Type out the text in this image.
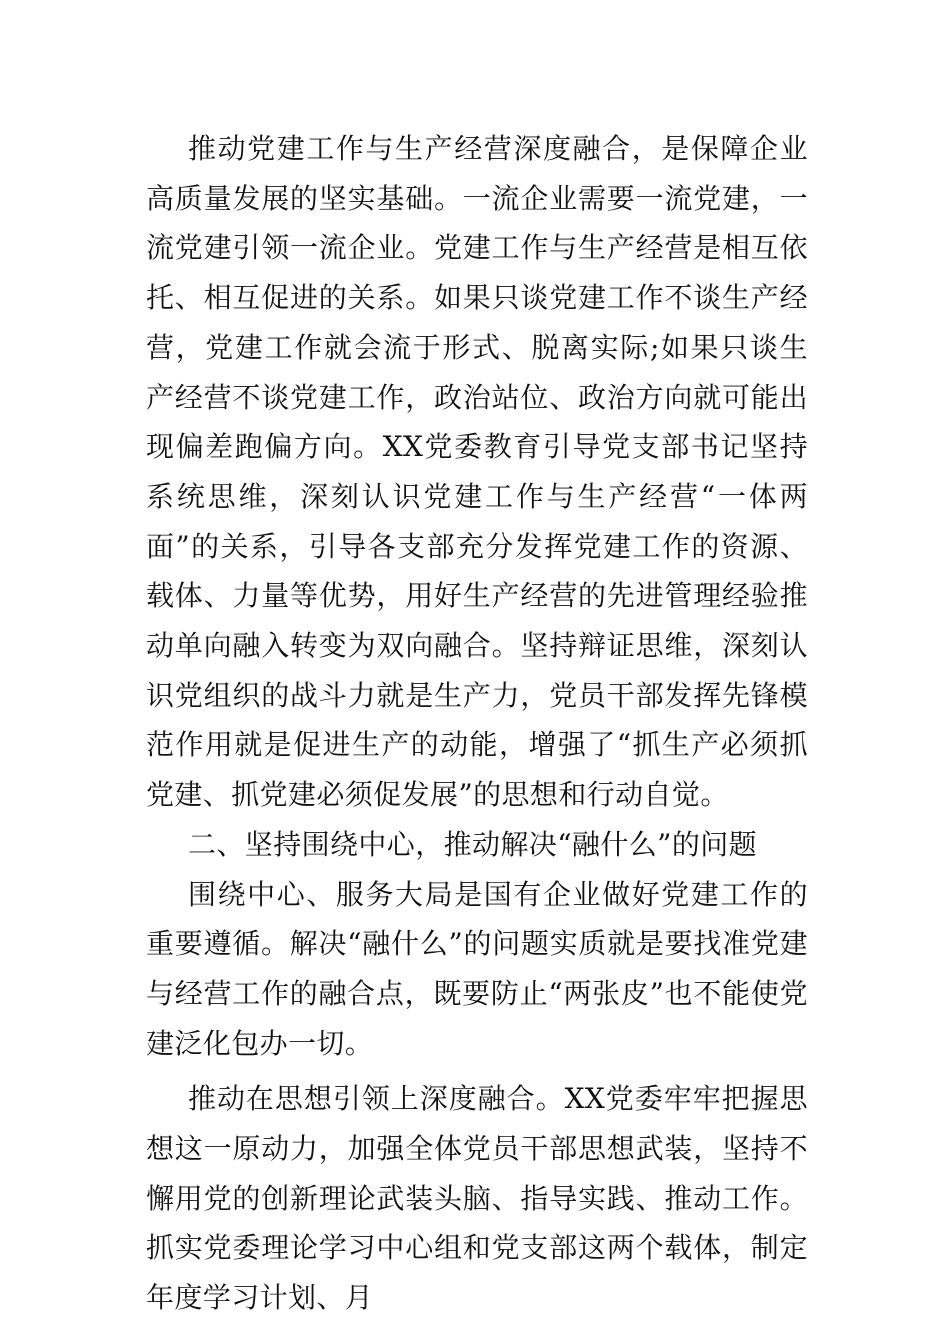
推动党建工作与生产经营深度融合，是保障企业高质量发展的坚实基础。一流企业需要一流党建，一流党建引领一流企业。党建工作与生产经营是相互依托、相互促进的关系。如果只谈党建工作不谈生产经营，党建工作就会流于形式、脱离实际;如果只谈生产经营不谈党建工作，政治站位、政治方向就可能出现偏差跑偏方向。XX党委教育引导党支部书记坚持系统思维，深刻认识党建工作与生产经营“一体两面”的关系，引导各支部充分发挥党建工作的资源、载体、力量等优势，用好生产经营的先进管理经验推动单向融入转变为双向融合。坚持辩证思维，深刻认识党组织的战斗力就是生产力，党员干部发挥先锋模范作用就是促进生产的动能，增强了“抓生产必须抓党建、抓党建必须促发展”的思想和行动自觉。

二、坚持围绕中心，推动解决“融什么”的问题

围绕中心、服务大局是国有企业做好党建工作的重要遵循。解决“融什么”的问题实质就是要找准党建与经营工作的融合点，既要防止“两张皮”也不能使党建泛化包办一切。

推动在思想引领上深度融合。XX党委牢牢把握思想这一原动力，加强全体党员干部思想武装，坚持不懈用党的创新理论武装头脑、指导实践、推动工作。抓实党委理论学习中心组和党支部这两个载体，制定年度学习计划、月
